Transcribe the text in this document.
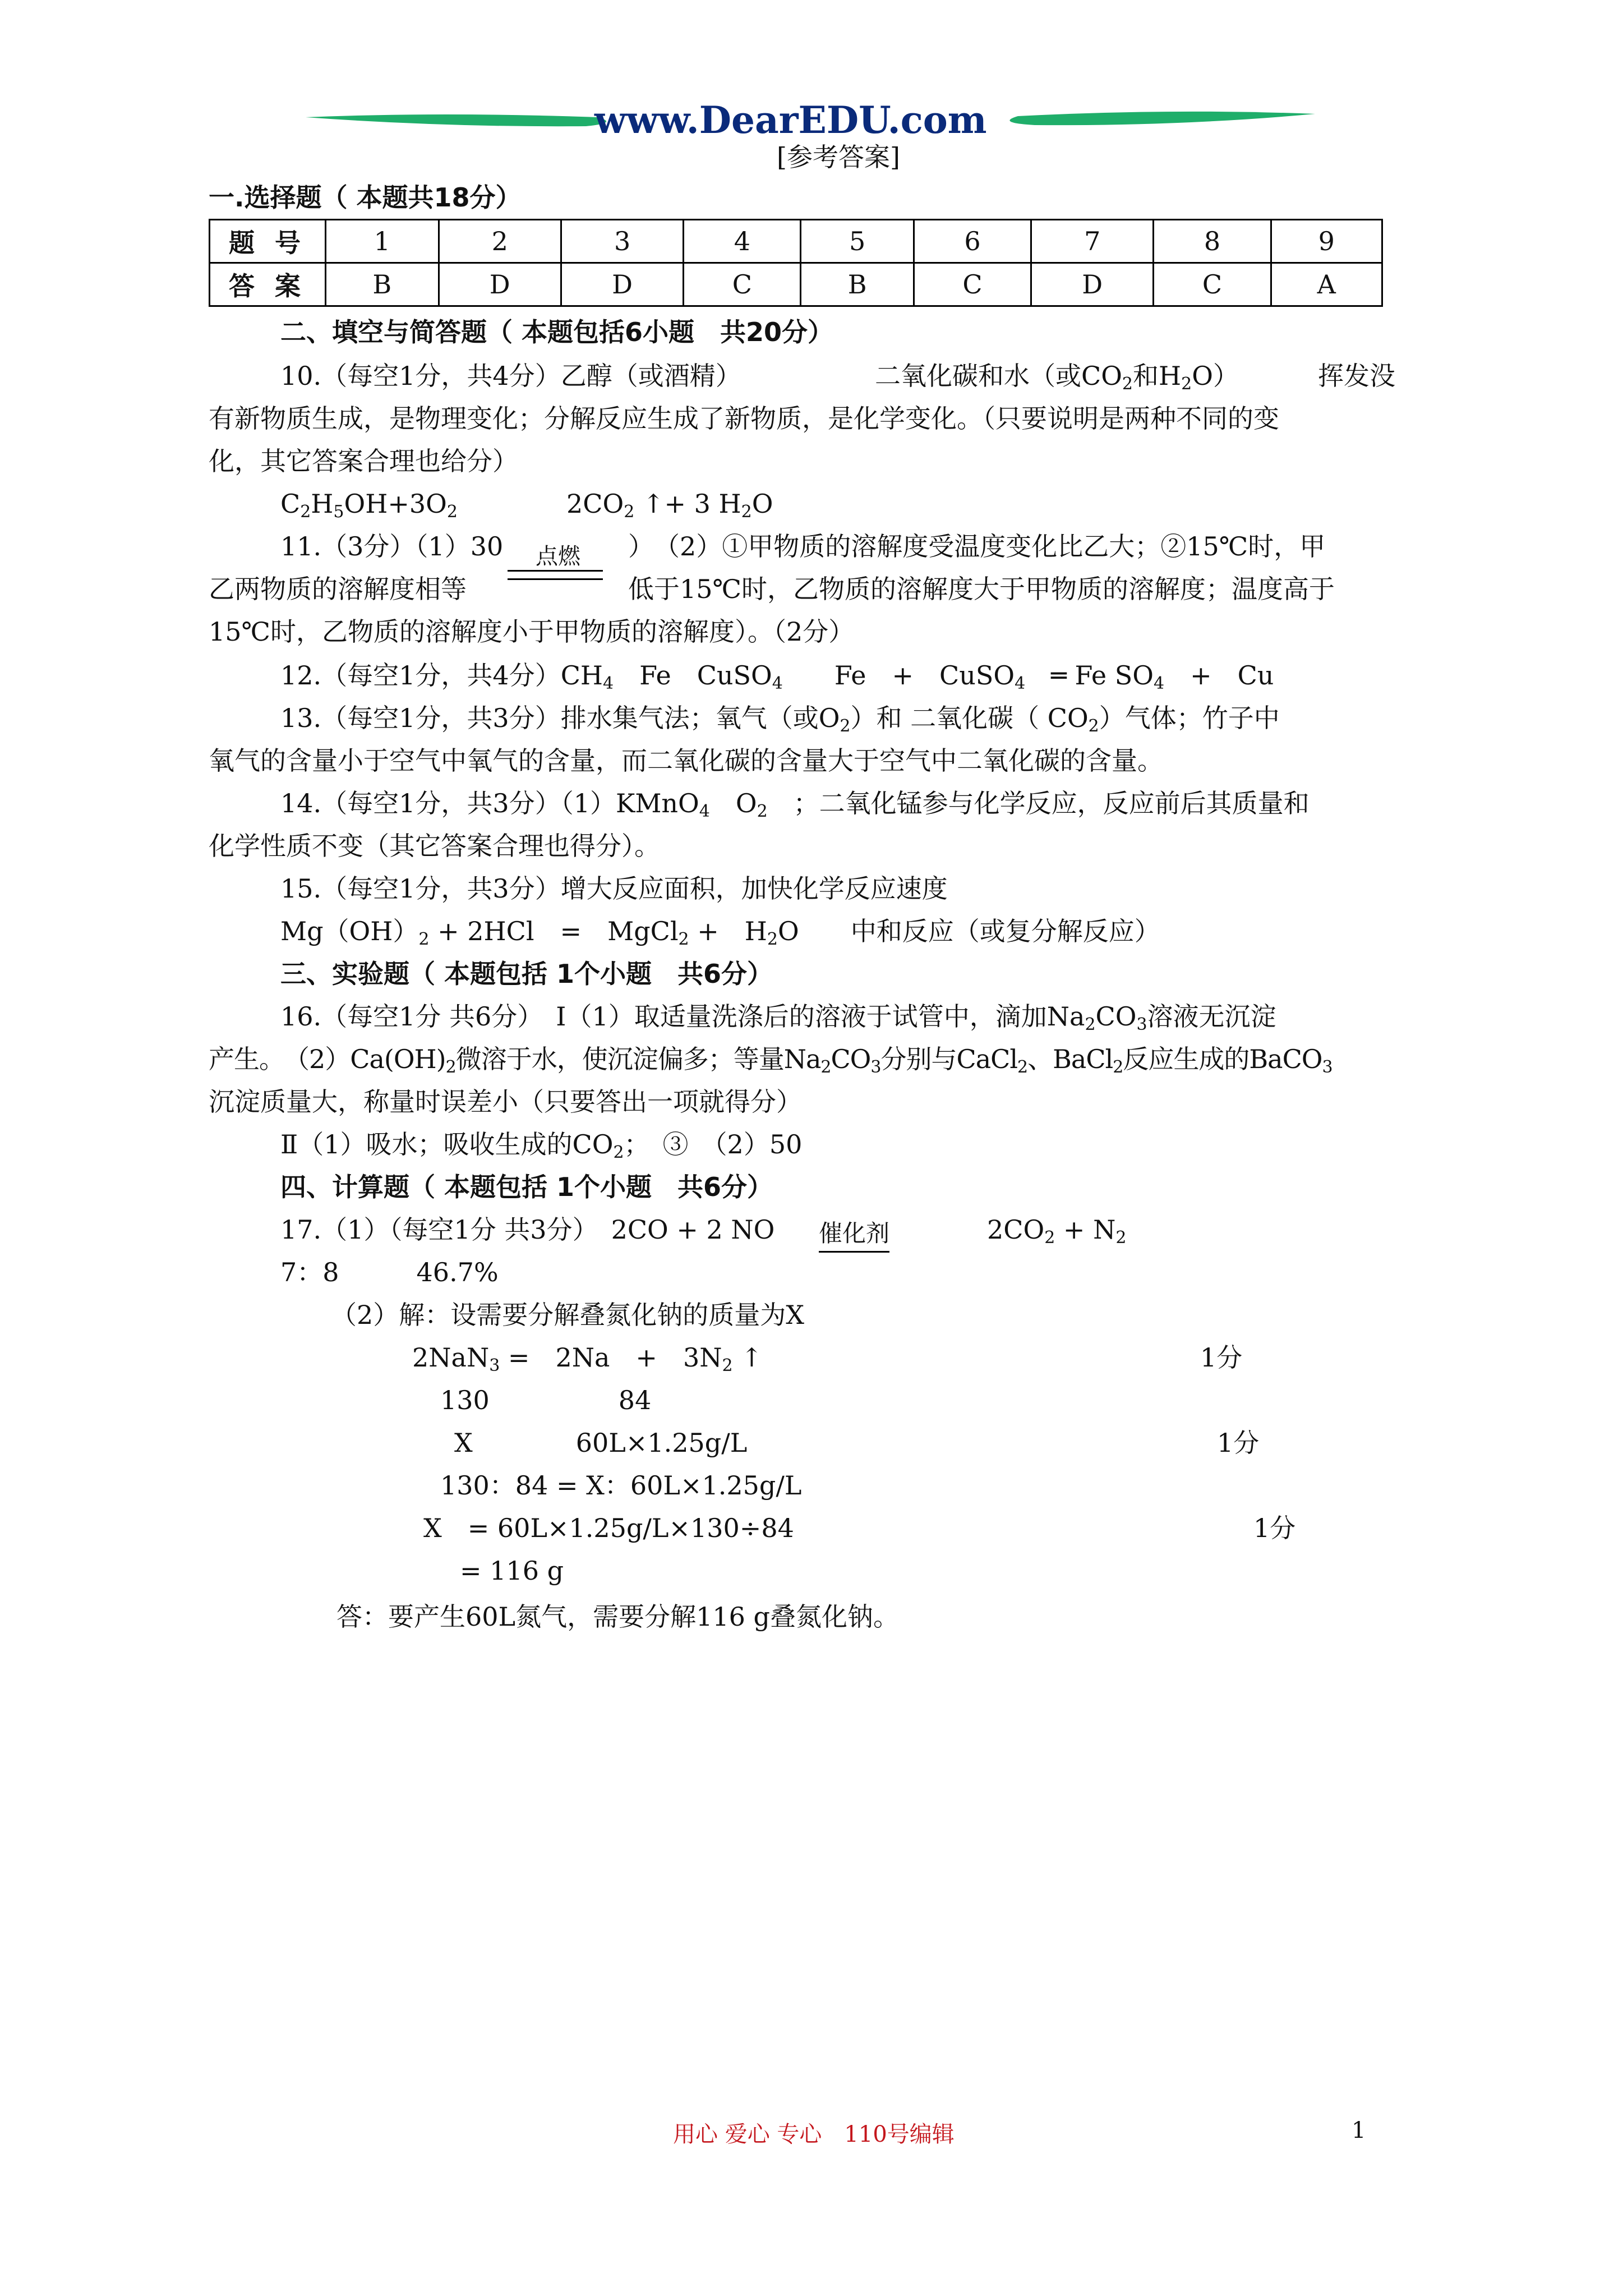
www.DearEDU.com
[参考答案]
一.选择题（ 本题共18分）
题 号	1	2	3	4	5	6	7	8	9
答 案	B	D	D	C	B	C	D	C	A
二、填空与简答题（ 本题包括6小题　共20分）
10.（每空1分，共4分）乙醇（或酒精）	二氧化碳和水（或$CO_2$和$H_2O$）	挥发没
有新物质生成，是物理变化；分解反应生成了新物质，是化学变化。（只要说明是两种不同的变
化，其它答案合理也给分）
$C_2H_5OH+3O_2$	$2CO_2$ ↑+ 3 $H_2O$
点燃
11.（3分）（1）30	）　（2）①甲物质的溶解度受温度变化比乙大；②15℃时，甲
乙两物质的溶解度相等	低于15℃时，乙物质的溶解度大于甲物质的溶解度；温度高于
15℃时，乙物质的溶解度小于甲物质的溶解度）。（2分）
12.（每空1分，共4分）$CH_4$　Fe　CuSO$_4$　　Fe　+　CuSO$_4$　═ Fe $SO_4$　+　Cu
13.（每空1分，共3分）排水集气法；氧气（或$O_2$）和 二氧化碳（ $CO_2$）气体；竹子中
氧气的含量小于空气中氧气的含量，而二氧化碳的含量大于空气中二氧化碳的含量。
14.（每空1分，共3分）（1）KMnO$_4$　$O_2$　；二氧化锰参与化学反应，反应前后其质量和
化学性质不变（其它答案合理也得分）。
15.（每空1分，共3分）增大反应面积，加快化学反应速度
$Mg(OH)_2 + 2HCl$　=　MgCl$_2$ +　$H_2O$　　中和反应（或复分解反应）
三、实验题（ 本题包括 1个小题　共6分）
16.（每空1分 共6分）　Ⅰ（1）取适量洗涤后的溶液于试管中，滴加$Na_2CO_3$溶液无沉淀
产生。　$(2)Ca(OH)_2$微溶于水，使沉淀偏多；等量$Na_2CO_3$分别与CaCl$_2$、BaCl$_2$反应生成的BaCO$_3$
沉淀质量大，称量时误差小（只要答出一项就得分）
Ⅱ（1）吸水；吸收生成的$CO_2$；　③　（2）50
四、计算题（ 本题包括 1个小题　共6分）
17.（1）（每空1分 共3分）　2CO + 2 NO 催化剂	$2CO_2 + N_2$
7：8　　　46.7%
（2）解：设需要分解叠氮化钠的质量为X
2NaN$_3$ =　2Na　+　$3N_2$ ↑	1分
130　　　　　84
X　　　　60L×1.25g/L	1分
130：84 = X：60L×1.25g/L
X　= 60L×1.25g/L×130÷84	1分
= 116 g
答：要产生60L氮气，需要分解116 g叠氮化钠。
用心 爱心 专心　110号编辑	1
